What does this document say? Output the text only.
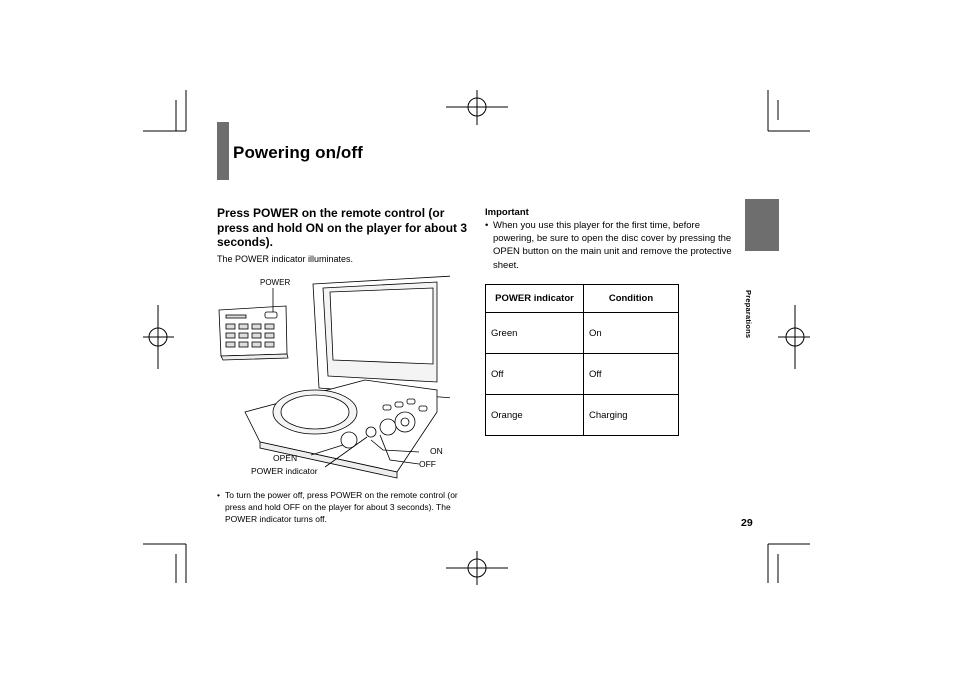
Powering on/off
Preparations
Press POWER on the remote control (or press and hold ON on the player for about 3 seconds).
The POWER indicator illuminates.
POWER
OPEN
POWER indicator
ON
OFF
• To turn the power off, press POWER on the remote control (or press and hold OFF on the player for about 3 seconds). The POWER indicator turns off.
Important
• When you use this player for the first time, before powering, be sure to open the disc cover by pressing the OPEN button on the main unit and remove the protective sheet.
POWER indicator	Condition
Green	On
Off	Off
Orange	Charging
29
